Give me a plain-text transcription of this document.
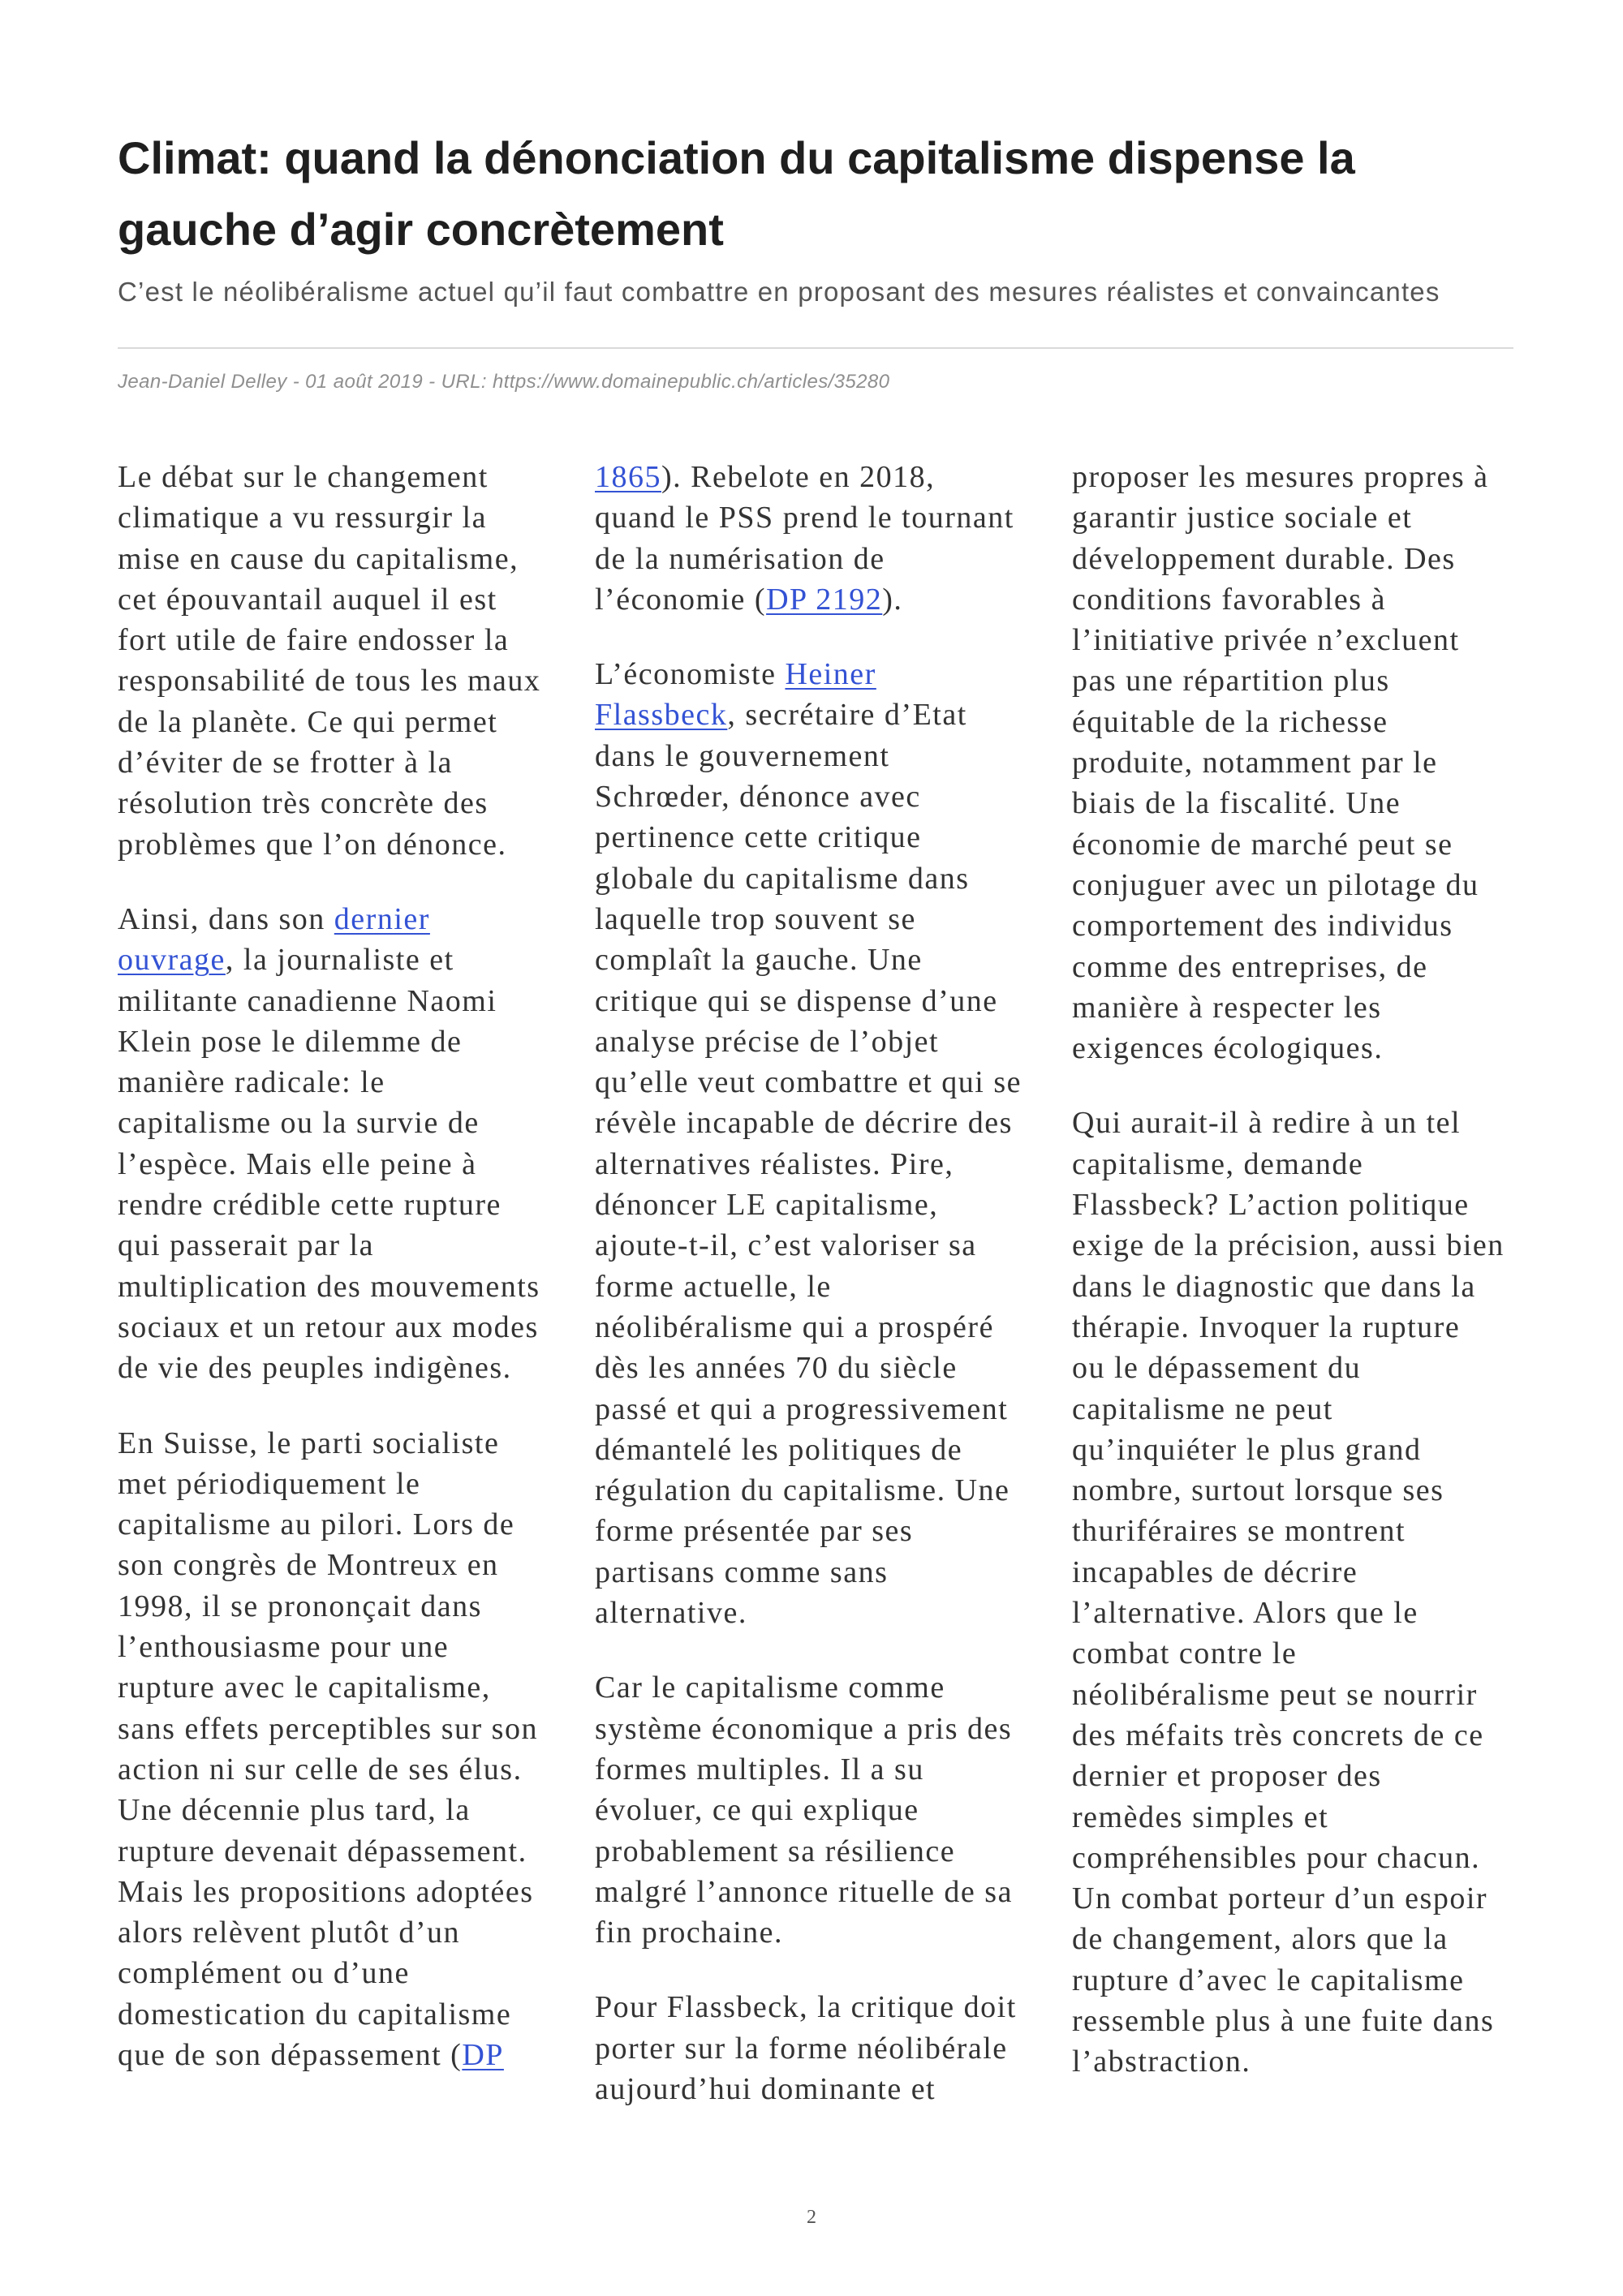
Climat: quand la dénonciation du capitalisme dispense la gauche d’agir concrètement
C’est le néolibéralisme actuel qu’il faut combattre en proposant des mesures réalistes et convaincantes
Jean-Daniel Delley - 01 août 2019 - URL: https://www.domainepublic.ch/articles/35280
Le débat sur le changement
climatique a vu ressurgir la
mise en cause du capitalisme,
cet épouvantail auquel il est
fort utile de faire endosser la
responsabilité de tous les maux
de la planète. Ce qui permet
d’éviter de se frotter à la
résolution très concrète des
problèmes que l’on dénonce.
Ainsi, dans son dernier
ouvrage, la journaliste et
militante canadienne Naomi
Klein pose le dilemme de
manière radicale: le
capitalisme ou la survie de
l’espèce. Mais elle peine à
rendre crédible cette rupture
qui passerait par la
multiplication des mouvements
sociaux et un retour aux modes
de vie des peuples indigènes.
En Suisse, le parti socialiste
met périodiquement le
capitalisme au pilori. Lors de
son congrès de Montreux en
1998, il se prononçait dans
l’enthousiasme pour une
rupture avec le capitalisme,
sans effets perceptibles sur son
action ni sur celle de ses élus.
Une décennie plus tard, la
rupture devenait dépassement.
Mais les propositions adoptées
alors relèvent plutôt d’un
complément ou d’une
domestication du capitalisme
que de son dépassement (DP
1865). Rebelote en 2018,
quand le PSS prend le tournant
de la numérisation de
l’économie (DP 2192).
L’économiste Heiner
Flassbeck, secrétaire d’Etat
dans le gouvernement
Schrœder, dénonce avec
pertinence cette critique
globale du capitalisme dans
laquelle trop souvent se
complaît la gauche. Une
critique qui se dispense d’une
analyse précise de l’objet
qu’elle veut combattre et qui se
révèle incapable de décrire des
alternatives réalistes. Pire,
dénoncer LE capitalisme,
ajoute-t-il, c’est valoriser sa
forme actuelle, le
néolibéralisme qui a prospéré
dès les années 70 du siècle
passé et qui a progressivement
démantelé les politiques de
régulation du capitalisme. Une
forme présentée par ses
partisans comme sans
alternative.
Car le capitalisme comme
système économique a pris des
formes multiples. Il a su
évoluer, ce qui explique
probablement sa résilience
malgré l’annonce rituelle de sa
fin prochaine.
Pour Flassbeck, la critique doit
porter sur la forme néolibérale
aujourd’hui dominante et
proposer les mesures propres à
garantir justice sociale et
développement durable. Des
conditions favorables à
l’initiative privée n’excluent
pas une répartition plus
équitable de la richesse
produite, notamment par le
biais de la fiscalité. Une
économie de marché peut se
conjuguer avec un pilotage du
comportement des individus
comme des entreprises, de
manière à respecter les
exigences écologiques.
Qui aurait-il à redire à un tel
capitalisme, demande
Flassbeck? L’action politique
exige de la précision, aussi bien
dans le diagnostic que dans la
thérapie. Invoquer la rupture
ou le dépassement du
capitalisme ne peut
qu’inquiéter le plus grand
nombre, surtout lorsque ses
thuriféraires se montrent
incapables de décrire
l’alternative. Alors que le
combat contre le
néolibéralisme peut se nourrir
des méfaits très concrets de ce
dernier et proposer des
remèdes simples et
compréhensibles pour chacun.
Un combat porteur d’un espoir
de changement, alors que la
rupture d’avec le capitalisme
ressemble plus à une fuite dans
l’abstraction.
2
